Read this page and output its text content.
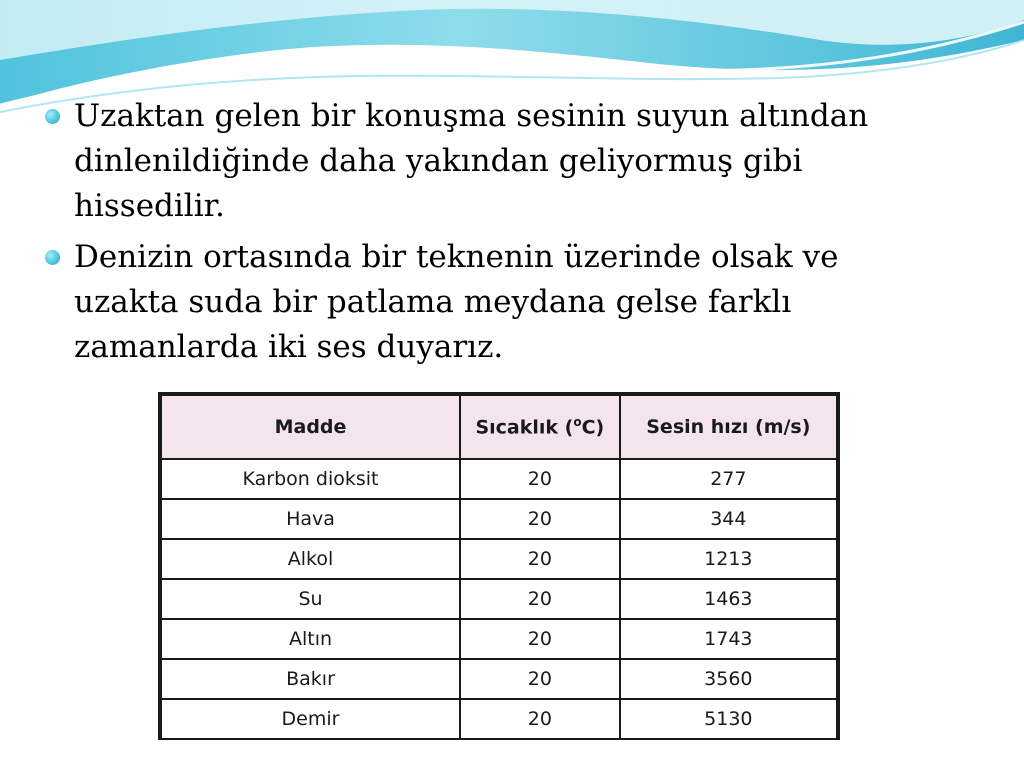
Uzaktan gelen bir konuşma sesinin suyun altından dinlenildiğinde daha yakından geliyormuş gibi hissedilir.
Denizin ortasında bir teknenin üzerinde olsak ve uzakta suda bir patlama meydana gelse farklı zamanlarda iki ses duyarız.
Madde	Sıcaklık ($^o$C)	Sesin hızı (m/s)
Karbon dioksit	20	277
Hava	20	344
Alkol	20	1213
Su	20	1463
Altın	20	1743
Bakır	20	3560
Demir	20	5130
